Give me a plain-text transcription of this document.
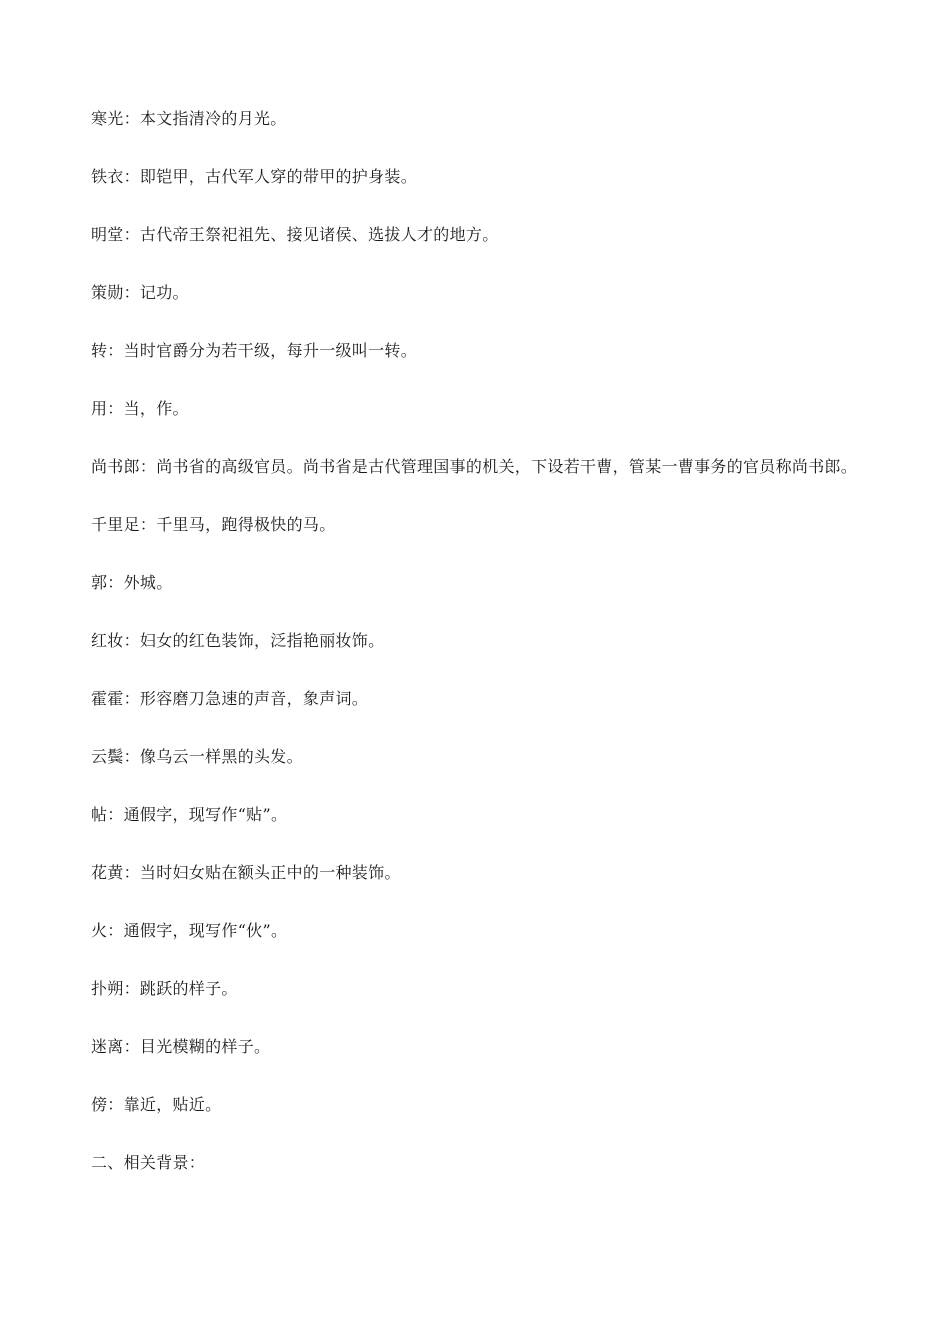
寒光：本文指清冷的月光。

铁衣：即铠甲，古代军人穿的带甲的护身装。

明堂：古代帝王祭祀祖先、接见诸侯、选拔人才的地方。

策勋：记功。

转：当时官爵分为若干级，每升一级叫一转。

用：当，作。

尚书郎：尚书省的高级官员。尚书省是古代管理国事的机关，下设若干曹，管某一曹事务的官员称尚书郎。

千里足：千里马，跑得极快的马。

郭：外城。

红妆：妇女的红色装饰，泛指艳丽妆饰。

霍霍：形容磨刀急速的声音，象声词。

云鬓：像乌云一样黑的头发。

帖：通假字，现写作“贴”。

花黄：当时妇女贴在额头正中的一种装饰。

火：通假字，现写作“伙”。

扑朔：跳跃的样子。

迷离：目光模糊的样子。

傍：靠近，贴近。

二、相关背景：
